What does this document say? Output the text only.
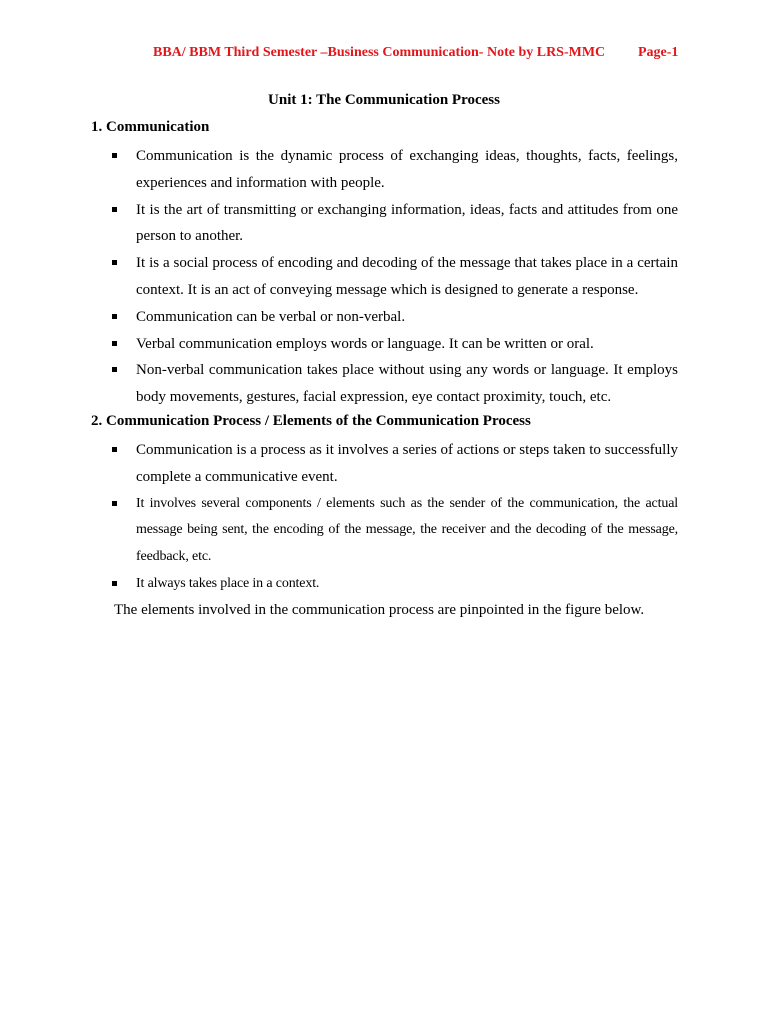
BBA/ BBM Third Semester –Business Communication- Note by LRS-MMC Page-1
Unit 1: The Communication Process
1. Communication
Communication is the dynamic process of exchanging ideas, thoughts, facts, feelings, experiences and information with people.
It is the art of transmitting or exchanging information, ideas, facts and attitudes from one person to another.
It is a social process of encoding and decoding of the message that takes place in a certain context. It is an act of conveying message which is designed to generate a response.
Communication can be verbal or non-verbal.
Verbal communication employs words or language. It can be written or oral.
Non-verbal communication takes place without using any words or language. It employs body movements, gestures, facial expression, eye contact proximity, touch, etc.
2. Communication Process / Elements of the Communication Process
Communication is a process as it involves a series of actions or steps taken to successfully complete a communicative event.
It involves several components / elements such as the sender of the communication, the actual message being sent, the encoding of the message, the receiver and the decoding of the message, feedback, etc.
It always takes place in a context.
The elements involved in the communication process are pinpointed in the figure below.
